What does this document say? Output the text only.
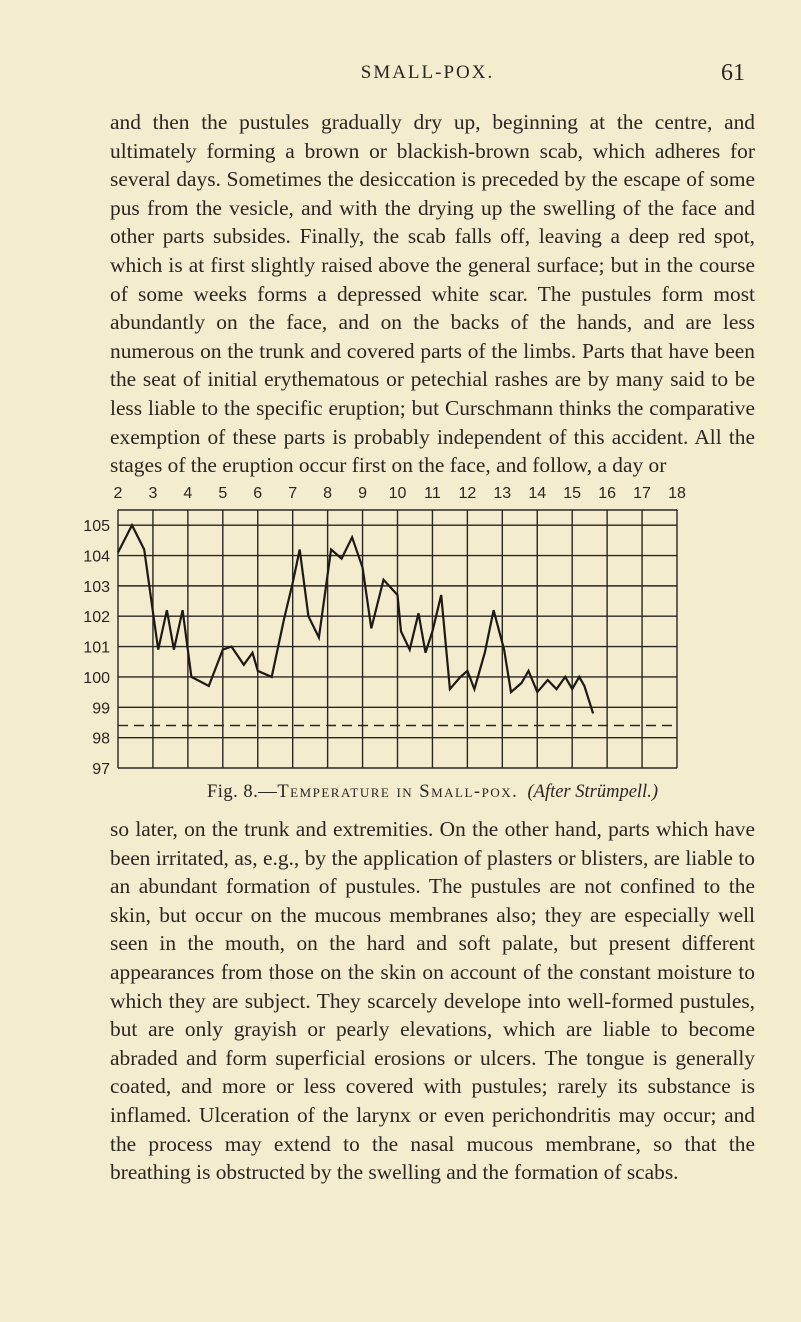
SMALL-POX.	61

and then the pustules gradually dry up, beginning at the centre, and ultimately forming a brown or blackish-brown scab, which adheres for several days. Sometimes the desiccation is preceded by the escape of some pus from the vesicle, and with the drying up the swelling of the face and other parts subsides. Finally, the scab falls off, leaving a deep red spot, which is at first slightly raised above the general surface; but in the course of some weeks forms a depressed white scar. The pustules form most abundantly on the face, and on the backs of the hands, and are less numerous on the trunk and covered parts of the limbs. Parts that have been the seat of initial erythematous or petechial rashes are by many said to be less liable to the specific eruption; but Curschmann thinks the comparative exemption of these parts is probably independent of this accident. All the stages of the eruption occur first on the face, and follow, a day or

2 3 4 5 6 7 8 9 10 11 12 13 14 15 16 17 18
105
104
103
102
101
100
99
98
97
Fig. 8.—Temperature in Small-pox. (After Strümpell.)

so later, on the trunk and extremities. On the other hand, parts which have been irritated, as, e.g., by the application of plasters or blisters, are liable to an abundant formation of pustules. The pustules are not confined to the skin, but occur on the mucous membranes also; they are especially well seen in the mouth, on the hard and soft palate, but present different appearances from those on the skin on account of the constant moisture to which they are subject. They scarcely develope into well-formed pustules, but are only grayish or pearly elevations, which are liable to become abraded and form superficial erosions or ulcers. The tongue is generally coated, and more or less covered with pustules; rarely its substance is inflamed. Ulceration of the larynx or even perichondritis may occur; and the process may extend to the nasal mucous membrane, so that the breathing is obstructed by the swelling and the formation of scabs.
